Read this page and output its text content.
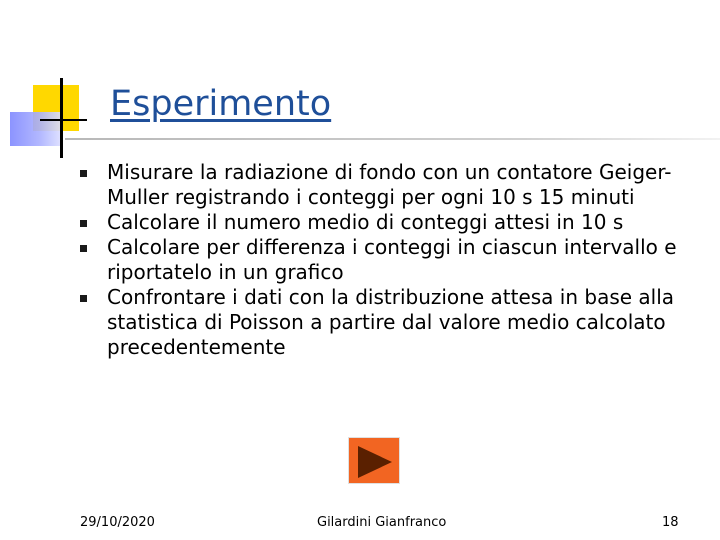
Esperimento
Misurare la radiazione di fondo con un contatore Geiger-Muller registrando i conteggi per ogni 10 s 15 minuti
Calcolare il numero medio di conteggi attesi in 10 s
Calcolare per differenza i conteggi in ciascun intervallo e riportatelo in un grafico
Confrontare i dati con la distribuzione attesa in base alla statistica di Poisson a partire dal valore medio calcolato precedentemente
29/10/2020	Gilardini Gianfranco	18
